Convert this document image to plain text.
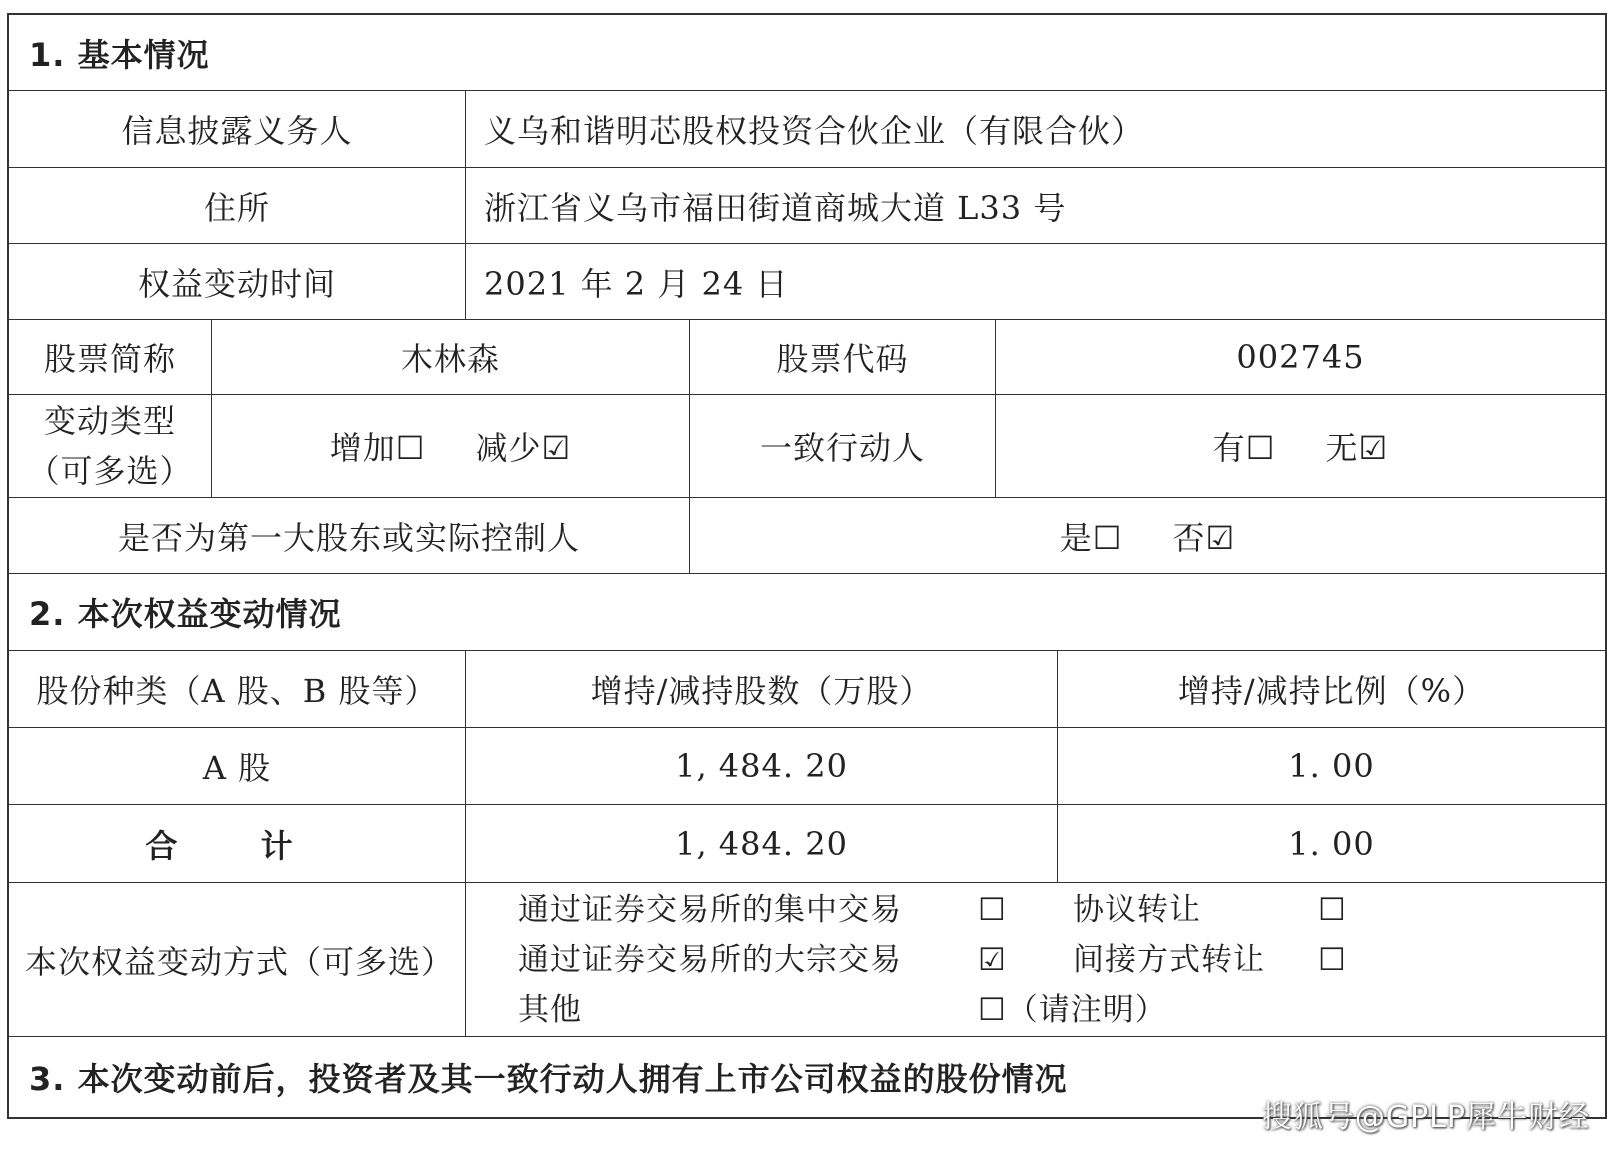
1. 基本情况
信息披露义务人	义乌和谐明芯股权投资合伙企业（有限合伙）
住所	浙江省义乌市福田街道商城大道 L33 号
权益变动时间	2021 年 2 月 24 日
股票简称	木林森	股票代码	002745
变动类型
（可多选）
增加☐ 减少☑	一致行动人	有☐ 无☑
是否为第一大股东或实际控制人	是☐ 否☑
2. 本次权益变动情况
股份种类（A 股、B 股等）	增持/减持股数（万股）	增持/减持比例（%）
A 股	1, 484. 20	1. 00
合 计	1, 484. 20	1. 00
本次权益变动方式（可多选）
通过证券交易所的集中交易	☐	协议转让	☐
通过证券交易所的大宗交易	☑	间接方式转让	☐
其他	☐（请注明）
3. 本次变动前后，投资者及其一致行动人拥有上市公司权益的股份情况
搜狐号@GPLP犀牛财经
